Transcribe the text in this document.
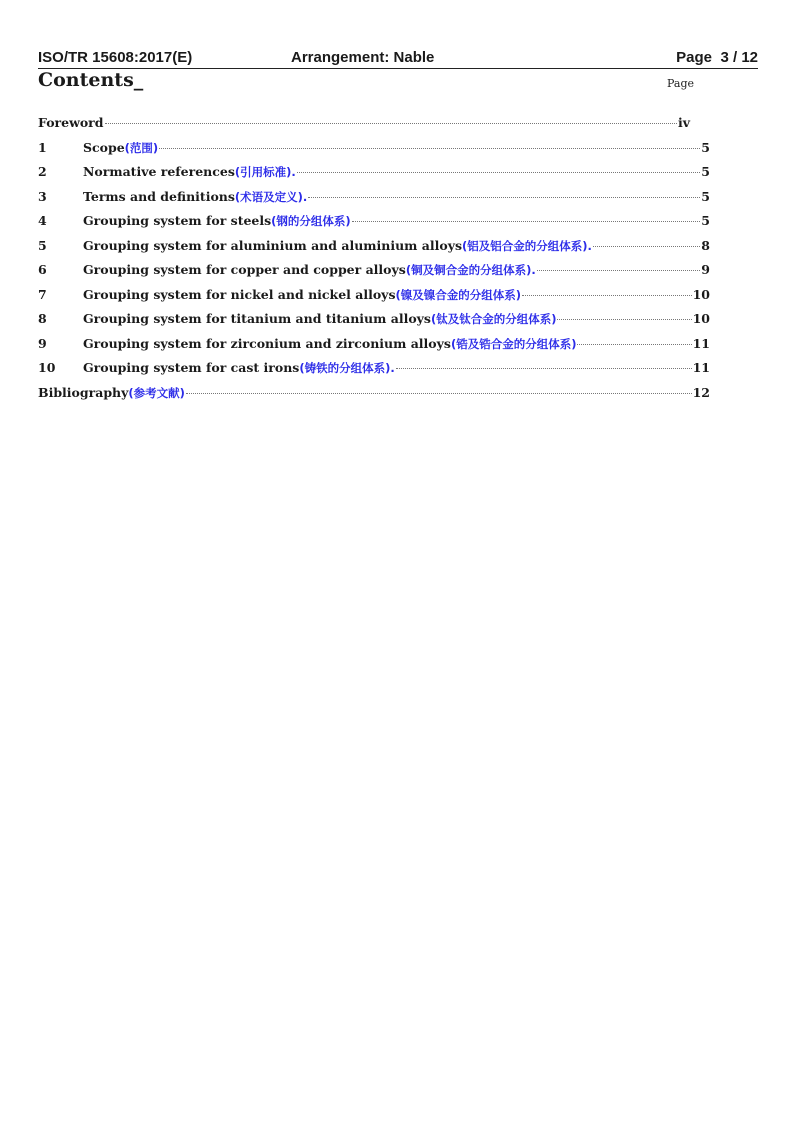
ISO/TR 15608:2017(E)	Arrangement: Nable	Page 3 / 12
Contents_	Page
Foreword	iv
1	Scope (范围)	5
2	Normative references (引用标准).	5
3	Terms and definitions (术语及定义).	5
4	Grouping system for steels (钢的分组体系)	5
5	Grouping system for aluminium and aluminium alloys (铝及铝合金的分组体系).	8
6	Grouping system for copper and copper alloys (铜及铜合金的分组体系).	9
7	Grouping system for nickel and nickel alloys (镍及镍合金的分组体系)	10
8	Grouping system for titanium and titanium alloys (钛及钛合金的分组体系)	10
9	Grouping system for zirconium and zirconium alloys (锆及锆合金的分组体系)	11
10	Grouping system for cast irons (铸铁的分组体系).	11
Bibliography (参考文献)	12
